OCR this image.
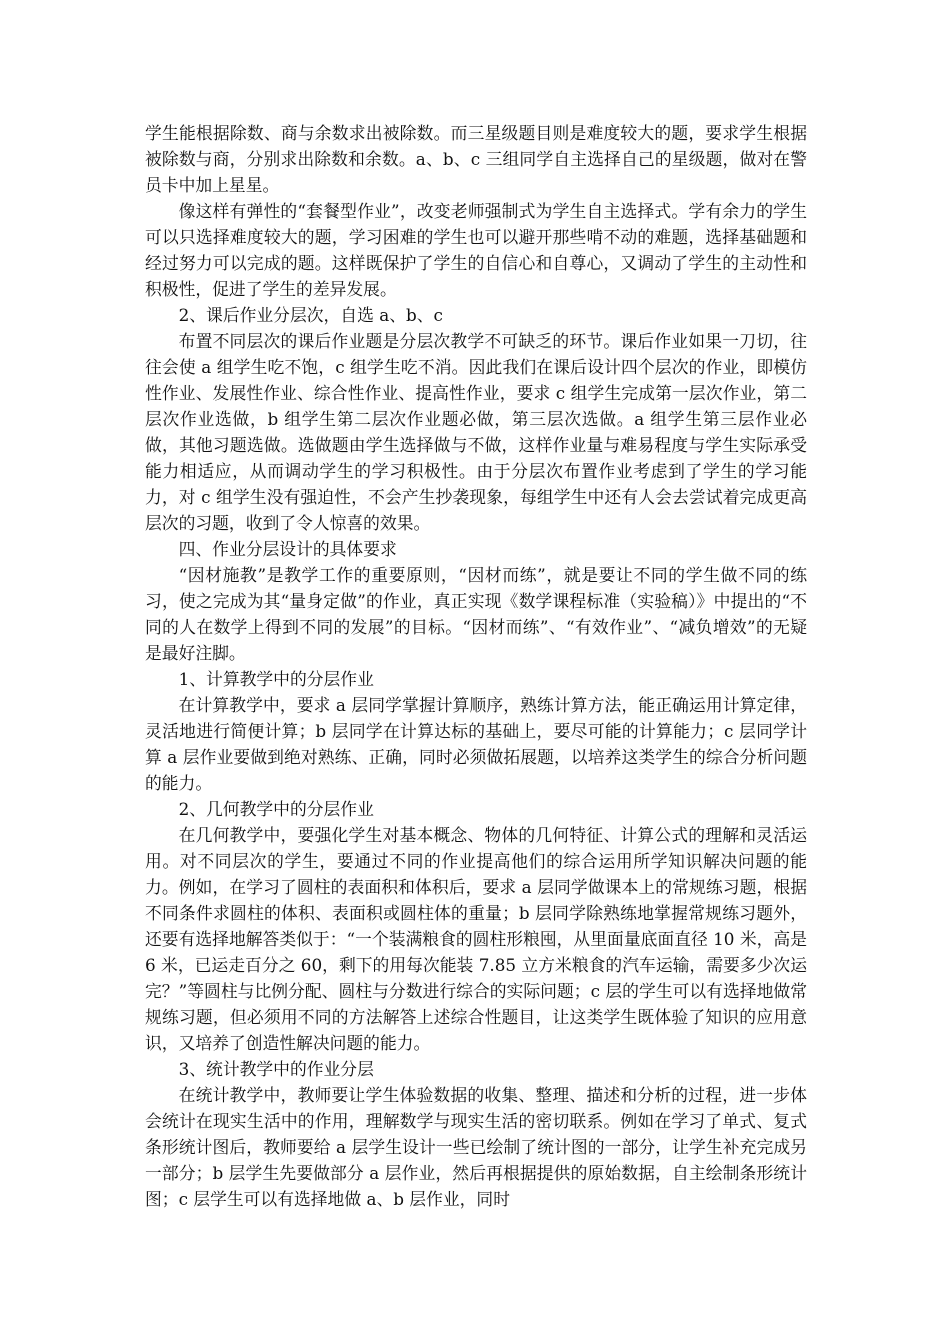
学生能根据除数、商与余数求出被除数。而三星级题目则是难度较大的题，要求学生根据被除数与商，分别求出除数和余数。a、b、c 三组同学自主选择自己的星级题，做对在警员卡中加上星星。

像这样有弹性的“套餐型作业”，改变老师强制式为学生自主选择式。学有余力的学生可以只选择难度较大的题，学习困难的学生也可以避开那些啃不动的难题，选择基础题和经过努力可以完成的题。这样既保护了学生的自信心和自尊心，又调动了学生的主动性和积极性，促进了学生的差异发展。

2、课后作业分层次，自选 a、b、c

布置不同层次的课后作业题是分层次教学不可缺乏的环节。课后作业如果一刀切，往往会使 a 组学生吃不饱，c 组学生吃不消。因此我们在课后设计四个层次的作业，即模仿性作业、发展性作业、综合性作业、提高性作业，要求 c 组学生完成第一层次作业，第二层次作业选做，b 组学生第二层次作业题必做，第三层次选做。a 组学生第三层作业必做，其他习题选做。选做题由学生选择做与不做，这样作业量与难易程度与学生实际承受能力相适应，从而调动学生的学习积极性。由于分层次布置作业考虑到了学生的学习能力，对 c 组学生没有强迫性，不会产生抄袭现象，每组学生中还有人会去尝试着完成更高层次的习题，收到了令人惊喜的效果。

四、作业分层设计的具体要求

“因材施教”是教学工作的重要原则，“因材而练”，就是要让不同的学生做不同的练习，使之完成为其“量身定做”的作业，真正实现《数学课程标准（实验稿）》中提出的“不同的人在数学上得到不同的发展”的目标。“因材而练”、“有效作业”、“减负增效”的无疑是最好注脚。

1、计算教学中的分层作业

在计算教学中，要求 a 层同学掌握计算顺序，熟练计算方法，能正确运用计算定律，灵活地进行简便计算；b 层同学在计算达标的基础上，要尽可能的计算能力；c 层同学计算 a 层作业要做到绝对熟练、正确，同时必须做拓展题，以培养这类学生的综合分析问题的能力。

2、几何教学中的分层作业

在几何教学中，要强化学生对基本概念、物体的几何特征、计算公式的理解和灵活运用。对不同层次的学生，要通过不同的作业提高他们的综合运用所学知识解决问题的能力。例如，在学习了圆柱的表面积和体积后，要求 a 层同学做课本上的常规练习题，根据不同条件求圆柱的体积、表面积或圆柱体的重量；b 层同学除熟练地掌握常规练习题外，还要有选择地解答类似于：“一个装满粮食的圆柱形粮囤，从里面量底面直径 10 米，高是 6 米，已运走百分之 60，剩下的用每次能装 7.85 立方米粮食的汽车运输，需要多少次运完？”等圆柱与比例分配、圆柱与分数进行综合的实际问题；c 层的学生可以有选择地做常规练习题，但必须用不同的方法解答上述综合性题目，让这类学生既体验了知识的应用意识，又培养了创造性解决问题的能力。

3、统计教学中的作业分层

在统计教学中，教师要让学生体验数据的收集、整理、描述和分析的过程，进一步体会统计在现实生活中的作用，理解数学与现实生活的密切联系。例如在学习了单式、复式条形统计图后，教师要给 a 层学生设计一些已绘制了统计图的一部分，让学生补充完成另一部分；b 层学生先要做部分 a 层作业，然后再根据提供的原始数据，自主绘制条形统计图；c 层学生可以有选择地做 a、b 层作业，同时
